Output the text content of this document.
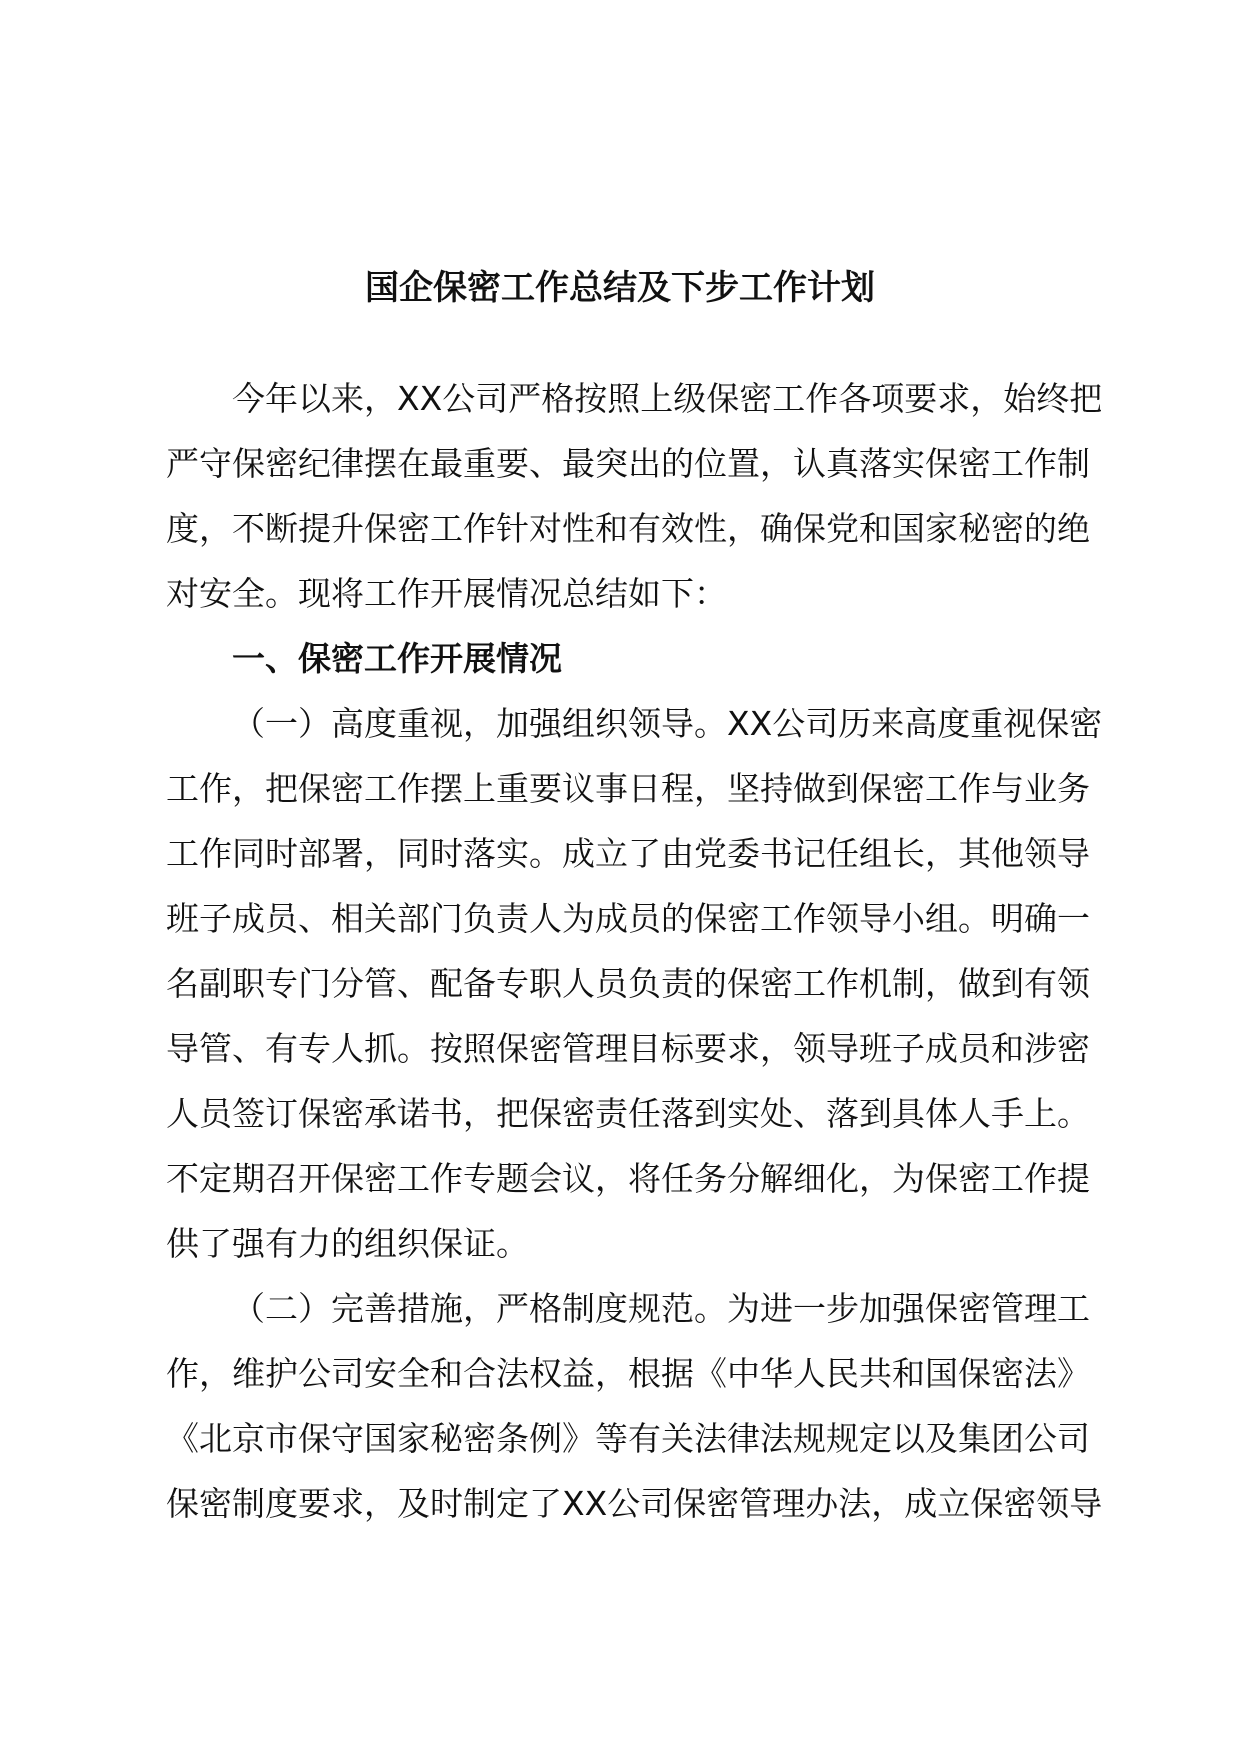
国企保密工作总结及下步工作计划
今年以来，XX公司严格按照上级保密工作各项要求，始终把
严守保密纪律摆在最重要、最突出的位置，认真落实保密工作制
度，不断提升保密工作针对性和有效性，确保党和国家秘密的绝
对安全。现将工作开展情况总结如下：
一、保密工作开展情况
（一）高度重视，加强组织领导。XX公司历来高度重视保密
工作，把保密工作摆上重要议事日程，坚持做到保密工作与业务
工作同时部署，同时落实。成立了由党委书记任组长，其他领导
班子成员、相关部门负责人为成员的保密工作领导小组。明确一
名副职专门分管、配备专职人员负责的保密工作机制，做到有领
导管、有专人抓。按照保密管理目标要求，领导班子成员和涉密
人员签订保密承诺书，把保密责任落到实处、落到具体人手上。
不定期召开保密工作专题会议，将任务分解细化，为保密工作提
供了强有力的组织保证。
（二）完善措施，严格制度规范。为进一步加强保密管理工
作，维护公司安全和合法权益，根据《中华人民共和国保密法》
《北京市保守国家秘密条例》等有关法律法规规定以及集团公司
保密制度要求，及时制定了XX公司保密管理办法，成立保密领导
